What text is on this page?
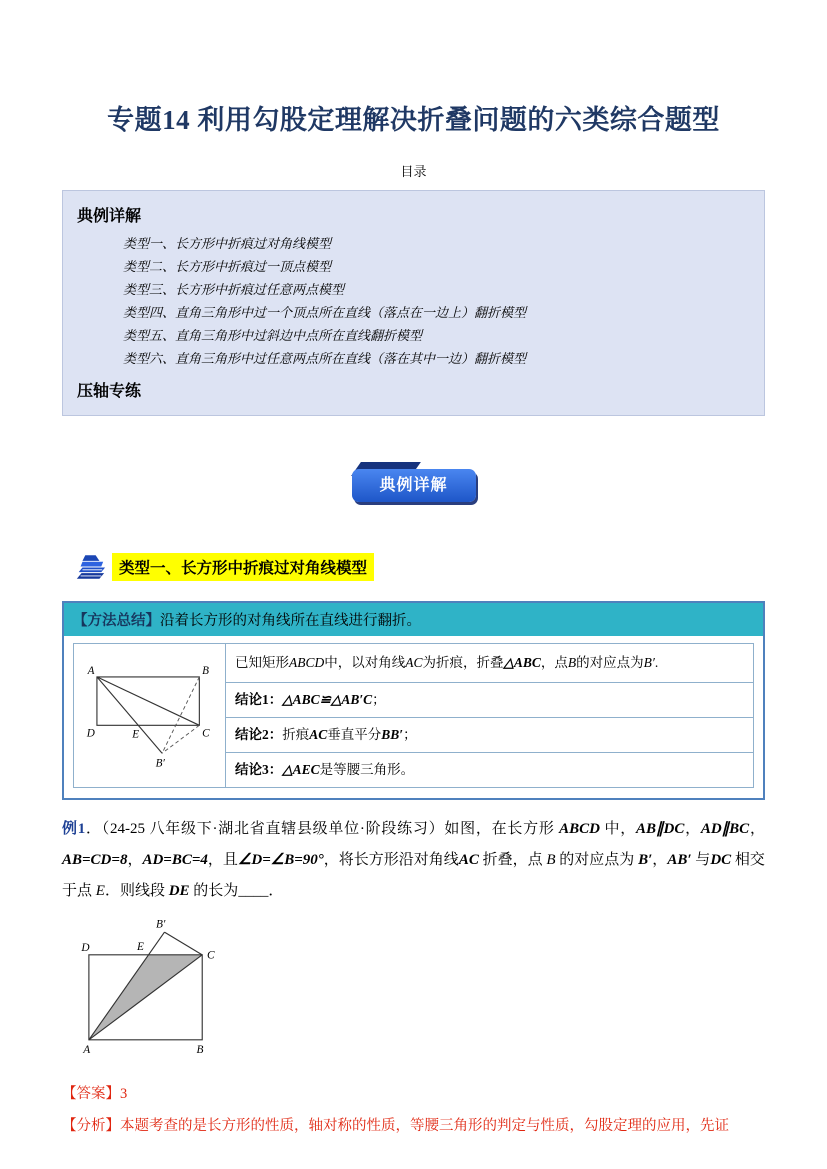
专题14 利用勾股定理解决折叠问题的六类综合题型
目录
典例详解
类型一、长方形中折痕过对角线模型
类型二、长方形中折痕过一顶点模型
类型三、长方形中折痕过任意两点模型
类型四、直角三角形中过一个顶点所在直线（落点在一边上）翻折模型
类型五、直角三角形中过斜边中点所在直线翻折模型
类型六、直角三角形中过任意两点所在直线（落在其中一边）翻折模型
压轴专练
典例详解
类型一、长方形中折痕过对角线模型
【方法总结】沿着长方形的对角线所在直线进行翻折。
A	B
D	E	C
B′
已知矩形 ABCD 中，以对角线 AC 为折痕，折叠 △ABC ，点 B 的对应点为 B′ .
结论1： △ABC≌△AB′C ；
结论2： 折痕 AC 垂直平分 BB′ ；
结论3： △AEC 是等腰三角形。
例1．（24-25 八年级下·湖北省直辖县级单位·阶段练习）如图，在长方形 ABCD 中，AB∥DC，AD∥BC，AB=CD=8，AD=BC=4，且∠D=∠B=90°，将长方形沿对角线AC 折叠，点 B 的对应点为 B′，AB′ 与DC 相交于点 E．则线段 DE 的长为____．
D	E
C
B′
A	B
【答案】3
【分析】本题考查的是长方形的性质，轴对称的性质，等腰三角形的判定与性质，勾股定理的应用，先证
